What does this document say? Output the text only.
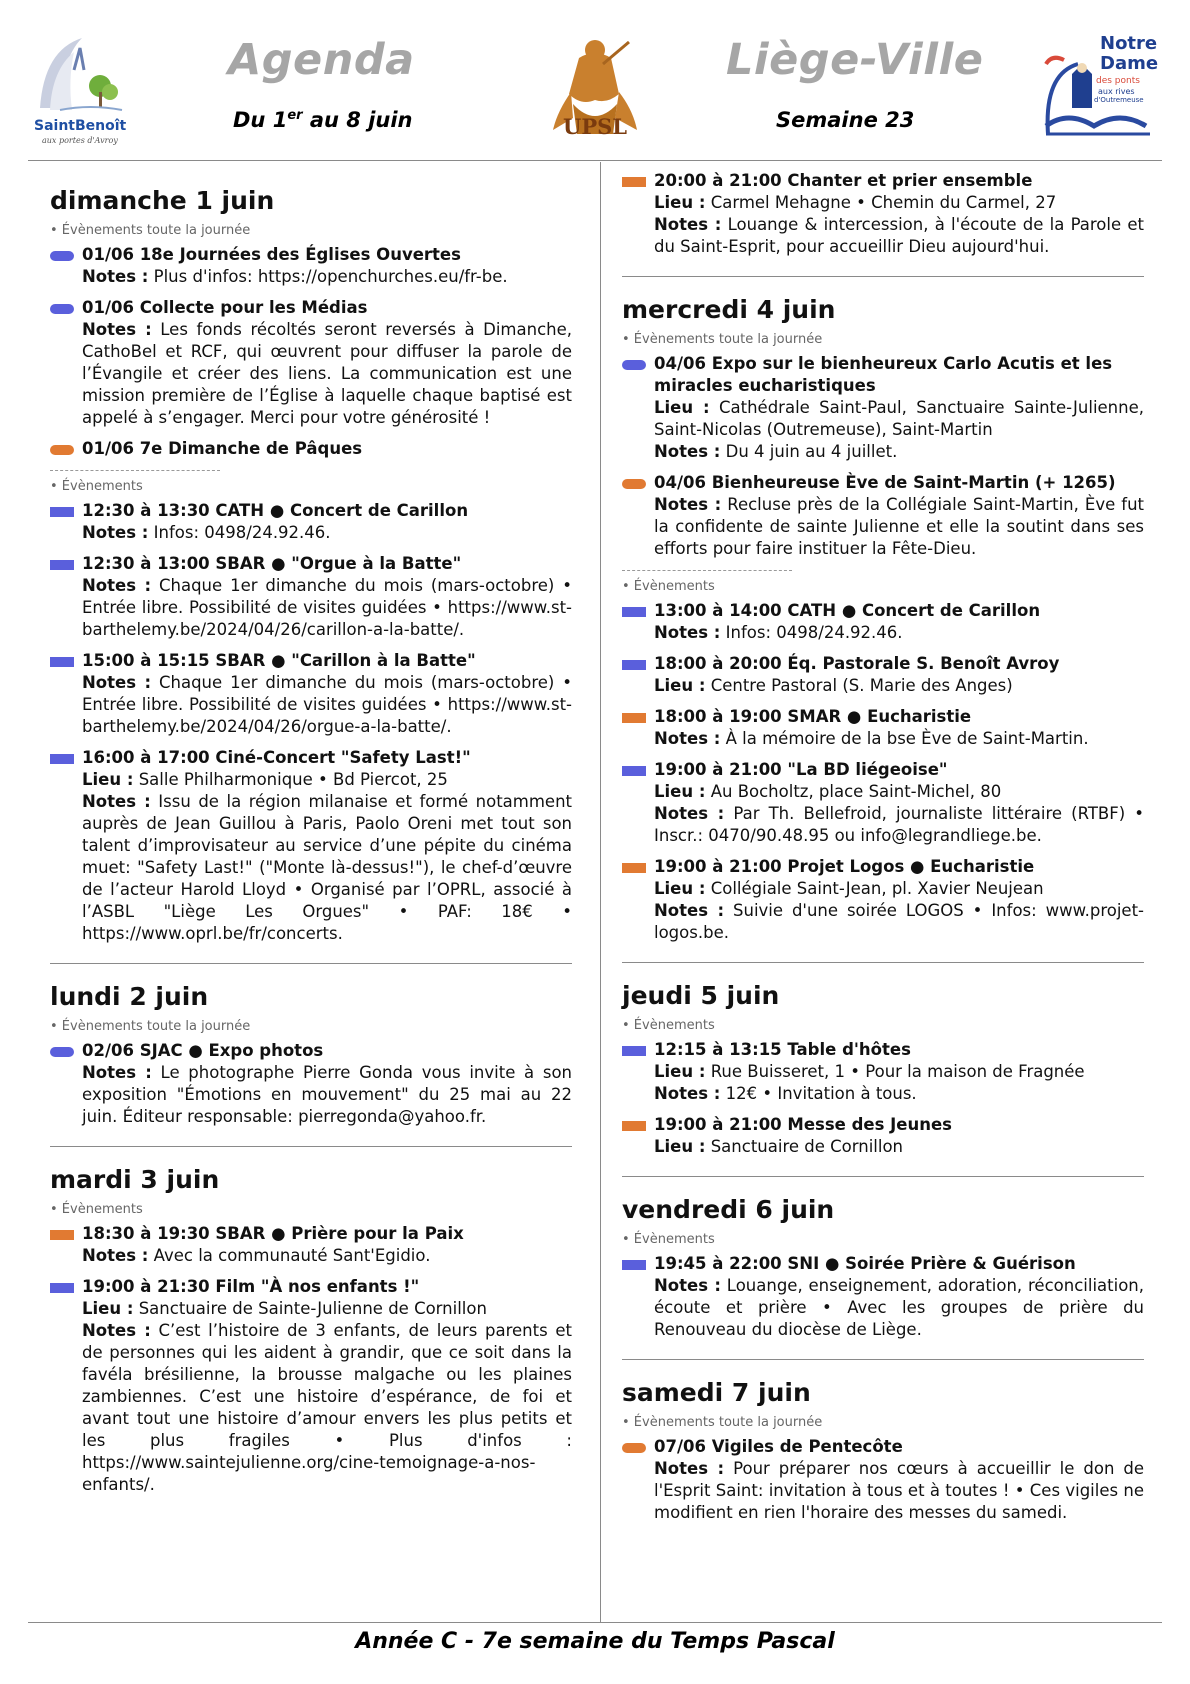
SaintBenoît
aux portes d'Avroy
Agenda	Liège-Ville
Du 1er au 8 juin	Semaine 23
UPSL
Notre
Dame
des ponts
aux rives
d'Outremeuse
dimanche 1 juin
• Évènements toute la journée
01/06 18e Journées des Églises Ouvertes
Notes : Plus d'infos: https://openchurches.eu/fr-be.
01/06 Collecte pour les Médias
Notes : Les fonds récoltés seront reversés à Dimanche, CathoBel et RCF, qui œuvrent pour diffuser la parole de l’Évangile et créer des liens. La communication est une mission première de l’Église à laquelle chaque baptisé est appelé à s’engager. Merci pour votre générosité !
01/06 7e Dimanche de Pâques
• Évènements
12:30 à 13:30 CATH ● Concert de Carillon
Notes : Infos: 0498/24.92.46.
12:30 à 13:00 SBAR ● "Orgue à la Batte"
Notes : Chaque 1er dimanche du mois (mars-octobre) • Entrée libre. Possibilité de visites guidées • https://www.st-barthelemy.be/2024/04/26/carillon-a-la-batte/.
15:00 à 15:15 SBAR ● "Carillon à la Batte"
Notes : Chaque 1er dimanche du mois (mars-octobre) • Entrée libre. Possibilité de visites guidées • https://www.st-barthelemy.be/2024/04/26/orgue-a-la-batte/.
16:00 à 17:00 Ciné-Concert "Safety Last!"
Lieu : Salle Philharmonique • Bd Piercot, 25
Notes : Issu de la région milanaise et formé notamment auprès de Jean Guillou à Paris, Paolo Oreni met tout son talent d’improvisateur au service d’une pépite du cinéma muet: "Safety Last!" ("Monte là-dessus!"), le chef-d’œuvre de l’acteur Harold Lloyd • Organisé par l’OPRL, associé à l’ASBL "Liège Les Orgues" • PAF: 18€ • https://www.oprl.be/fr/concerts.
lundi 2 juin
• Évènements toute la journée
02/06 SJAC ● Expo photos
Notes : Le photographe Pierre Gonda vous invite à son exposition "Émotions en mouvement" du 25 mai au 22 juin. Éditeur responsable: pierregonda@yahoo.fr.
mardi 3 juin
• Évènements
18:30 à 19:30 SBAR ● Prière pour la Paix
Notes : Avec la communauté Sant'Egidio.
19:00 à 21:30 Film "À nos enfants !"
Lieu : Sanctuaire de Sainte-Julienne de Cornillon
Notes : C’est l’histoire de 3 enfants, de leurs parents et de personnes qui les aident à grandir, que ce soit dans la favéla brésilienne, la brousse malgache ou les plaines zambiennes. C’est une histoire d’espérance, de foi et avant tout une histoire d’amour envers les plus petits et les plus fragiles • Plus d'infos : https://www.saintejulienne.org/cine-temoignage-a-nos-enfants/.
20:00 à 21:00 Chanter et prier ensemble
Lieu : Carmel Mehagne • Chemin du Carmel, 27
Notes : Louange & intercession, à l'écoute de la Parole et du Saint-Esprit, pour accueillir Dieu aujourd'hui.
mercredi 4 juin
• Évènements toute la journée
04/06 Expo sur le bienheureux Carlo Acutis et les miracles eucharistiques
Lieu : Cathédrale Saint-Paul, Sanctuaire Sainte-Julienne, Saint-Nicolas (Outremeuse), Saint-Martin
Notes : Du 4 juin au 4 juillet.
04/06 Bienheureuse Ève de Saint-Martin (+ 1265)
Notes : Recluse près de la Collégiale Saint-Martin, Ève fut la confidente de sainte Julienne et elle la soutint dans ses efforts pour faire instituer la Fête-Dieu.
• Évènements
13:00 à 14:00 CATH ● Concert de Carillon
Notes : Infos: 0498/24.92.46.
18:00 à 20:00 Éq. Pastorale S. Benoît Avroy
Lieu : Centre Pastoral (S. Marie des Anges)
18:00 à 19:00 SMAR ● Eucharistie
Notes : À la mémoire de la bse Ève de Saint-Martin.
19:00 à 21:00 "La BD liégeoise"
Lieu : Au Bocholtz, place Saint-Michel, 80
Notes : Par Th. Bellefroid, journaliste littéraire (RTBF) • Inscr.: 0470/90.48.95 ou info@legrandliege.be.
19:00 à 21:00 Projet Logos ● Eucharistie
Lieu : Collégiale Saint-Jean, pl. Xavier Neujean
Notes : Suivie d'une soirée LOGOS • Infos: www.projet-logos.be.
jeudi 5 juin
• Évènements
12:15 à 13:15 Table d'hôtes
Lieu : Rue Buisseret, 1 • Pour la maison de Fragnée
Notes : 12€ • Invitation à tous.
19:00 à 21:00 Messe des Jeunes
Lieu : Sanctuaire de Cornillon
vendredi 6 juin
• Évènements
19:45 à 22:00 SNI ● Soirée Prière & Guérison
Notes : Louange, enseignement, adoration, réconciliation, écoute et prière • Avec les groupes de prière du Renouveau du diocèse de Liège.
samedi 7 juin
• Évènements toute la journée
07/06 Vigiles de Pentecôte
Notes : Pour préparer nos cœurs à accueillir le don de l'Esprit Saint: invitation à tous et à toutes ! • Ces vigiles ne modifient en rien l'horaire des messes du samedi.
Année C - 7e semaine du Temps Pascal
